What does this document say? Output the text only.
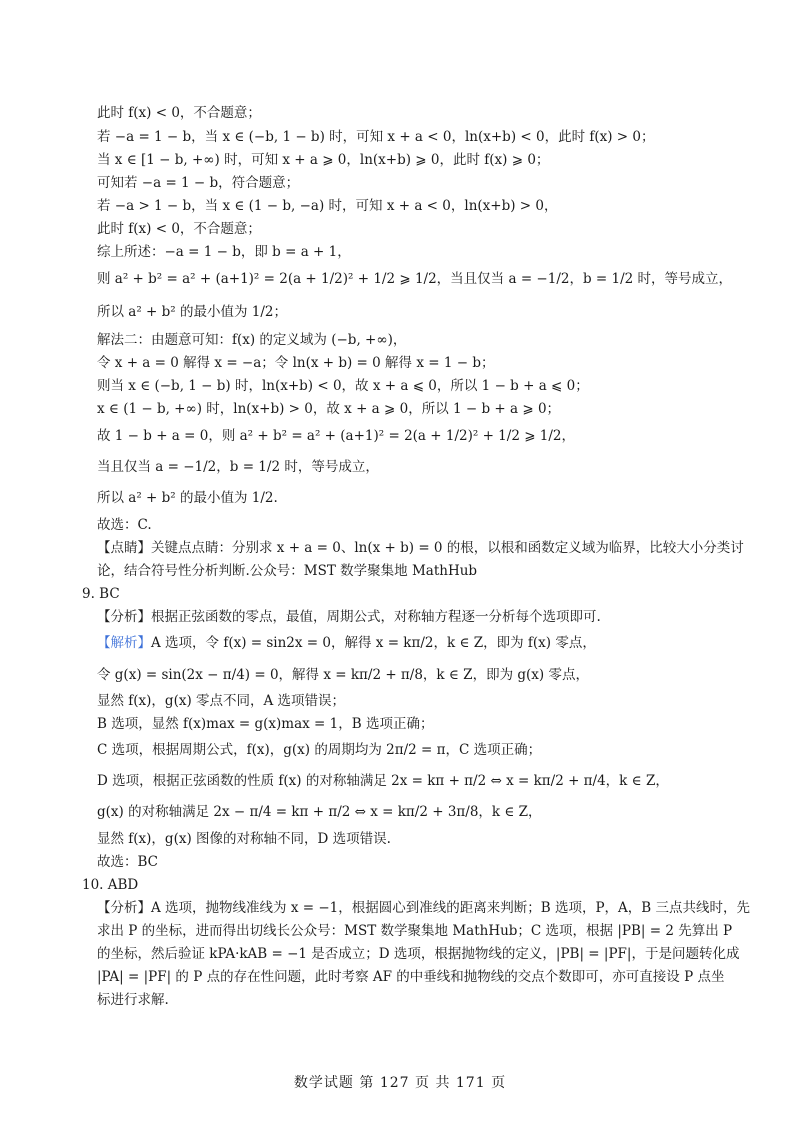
此时 f(x) < 0，不合题意；
若 −a = 1 − b，当 x ∈ (−b, 1 − b) 时，可知 x + a < 0，ln(x+b) < 0，此时 f(x) > 0；
当 x ∈ [1 − b, +∞) 时，可知 x + a ⩾ 0，ln(x+b) ⩾ 0，此时 f(x) ⩾ 0；
可知若 −a = 1 − b，符合题意；
若 −a > 1 − b，当 x ∈ (1 − b, −a) 时，可知 x + a < 0，ln(x+b) > 0，
此时 f(x) < 0，不合题意；
综上所述：−a = 1 − b，即 b = a + 1，
则 a² + b² = a² + (a+1)² = 2(a + 1/2)² + 1/2 ⩾ 1/2，当且仅当 a = −1/2，b = 1/2 时，等号成立，
所以 a² + b² 的最小值为 1/2；
解法二：由题意可知：f(x) 的定义域为 (−b, +∞)，
令 x + a = 0 解得 x = −a；令 ln(x + b) = 0 解得 x = 1 − b；
则当 x ∈ (−b, 1 − b) 时，ln(x+b) < 0，故 x + a ⩽ 0，所以 1 − b + a ⩽ 0；
x ∈ (1 − b, +∞) 时，ln(x+b) > 0，故 x + a ⩾ 0，所以 1 − b + a ⩾ 0；
故 1 − b + a = 0，则 a² + b² = a² + (a+1)² = 2(a + 1/2)² + 1/2 ⩾ 1/2，
当且仅当 a = −1/2，b = 1/2 时，等号成立，
所以 a² + b² 的最小值为 1/2.
故选：C.
【点睛】关键点点睛：分别求 x + a = 0、ln(x + b) = 0 的根，以根和函数定义域为临界，比较大小分类讨
论，结合符号性分析判断.公众号：MST 数学聚集地 MathHub
9. BC
【分析】根据正弦函数的零点，最值，周期公式，对称轴方程逐一分析每个选项即可.
【解析】A 选项，令 f(x) = sin2x = 0，解得 x = kπ/2，k ∈ Z，即为 f(x) 零点，
令 g(x) = sin(2x − π/4) = 0，解得 x = kπ/2 + π/8，k ∈ Z，即为 g(x) 零点，
显然 f(x)，g(x) 零点不同，A 选项错误；
B 选项，显然 f(x)max = g(x)max = 1，B 选项正确；
C 选项，根据周期公式，f(x)，g(x) 的周期均为 2π/2 = π，C 选项正确；
D 选项，根据正弦函数的性质 f(x) 的对称轴满足 2x = kπ + π/2 ⇔ x = kπ/2 + π/4，k ∈ Z，
g(x) 的对称轴满足 2x − π/4 = kπ + π/2 ⇔ x = kπ/2 + 3π/8，k ∈ Z，
显然 f(x)，g(x) 图像的对称轴不同，D 选项错误.
故选：BC
10. ABD
【分析】A 选项，抛物线准线为 x = −1，根据圆心到准线的距离来判断；B 选项，P，A，B 三点共线时，先
求出 P 的坐标，进而得出切线长公众号：MST 数学聚集地 MathHub；C 选项，根据 |PB| = 2 先算出 P
的坐标，然后验证 kPA·kAB = −1 是否成立；D 选项，根据抛物线的定义，|PB| = |PF|，于是问题转化成
|PA| = |PF| 的 P 点的存在性问题，此时考察 AF 的中垂线和抛物线的交点个数即可，亦可直接设 P 点坐
标进行求解.
数学试题 第 127 页 共 171 页
